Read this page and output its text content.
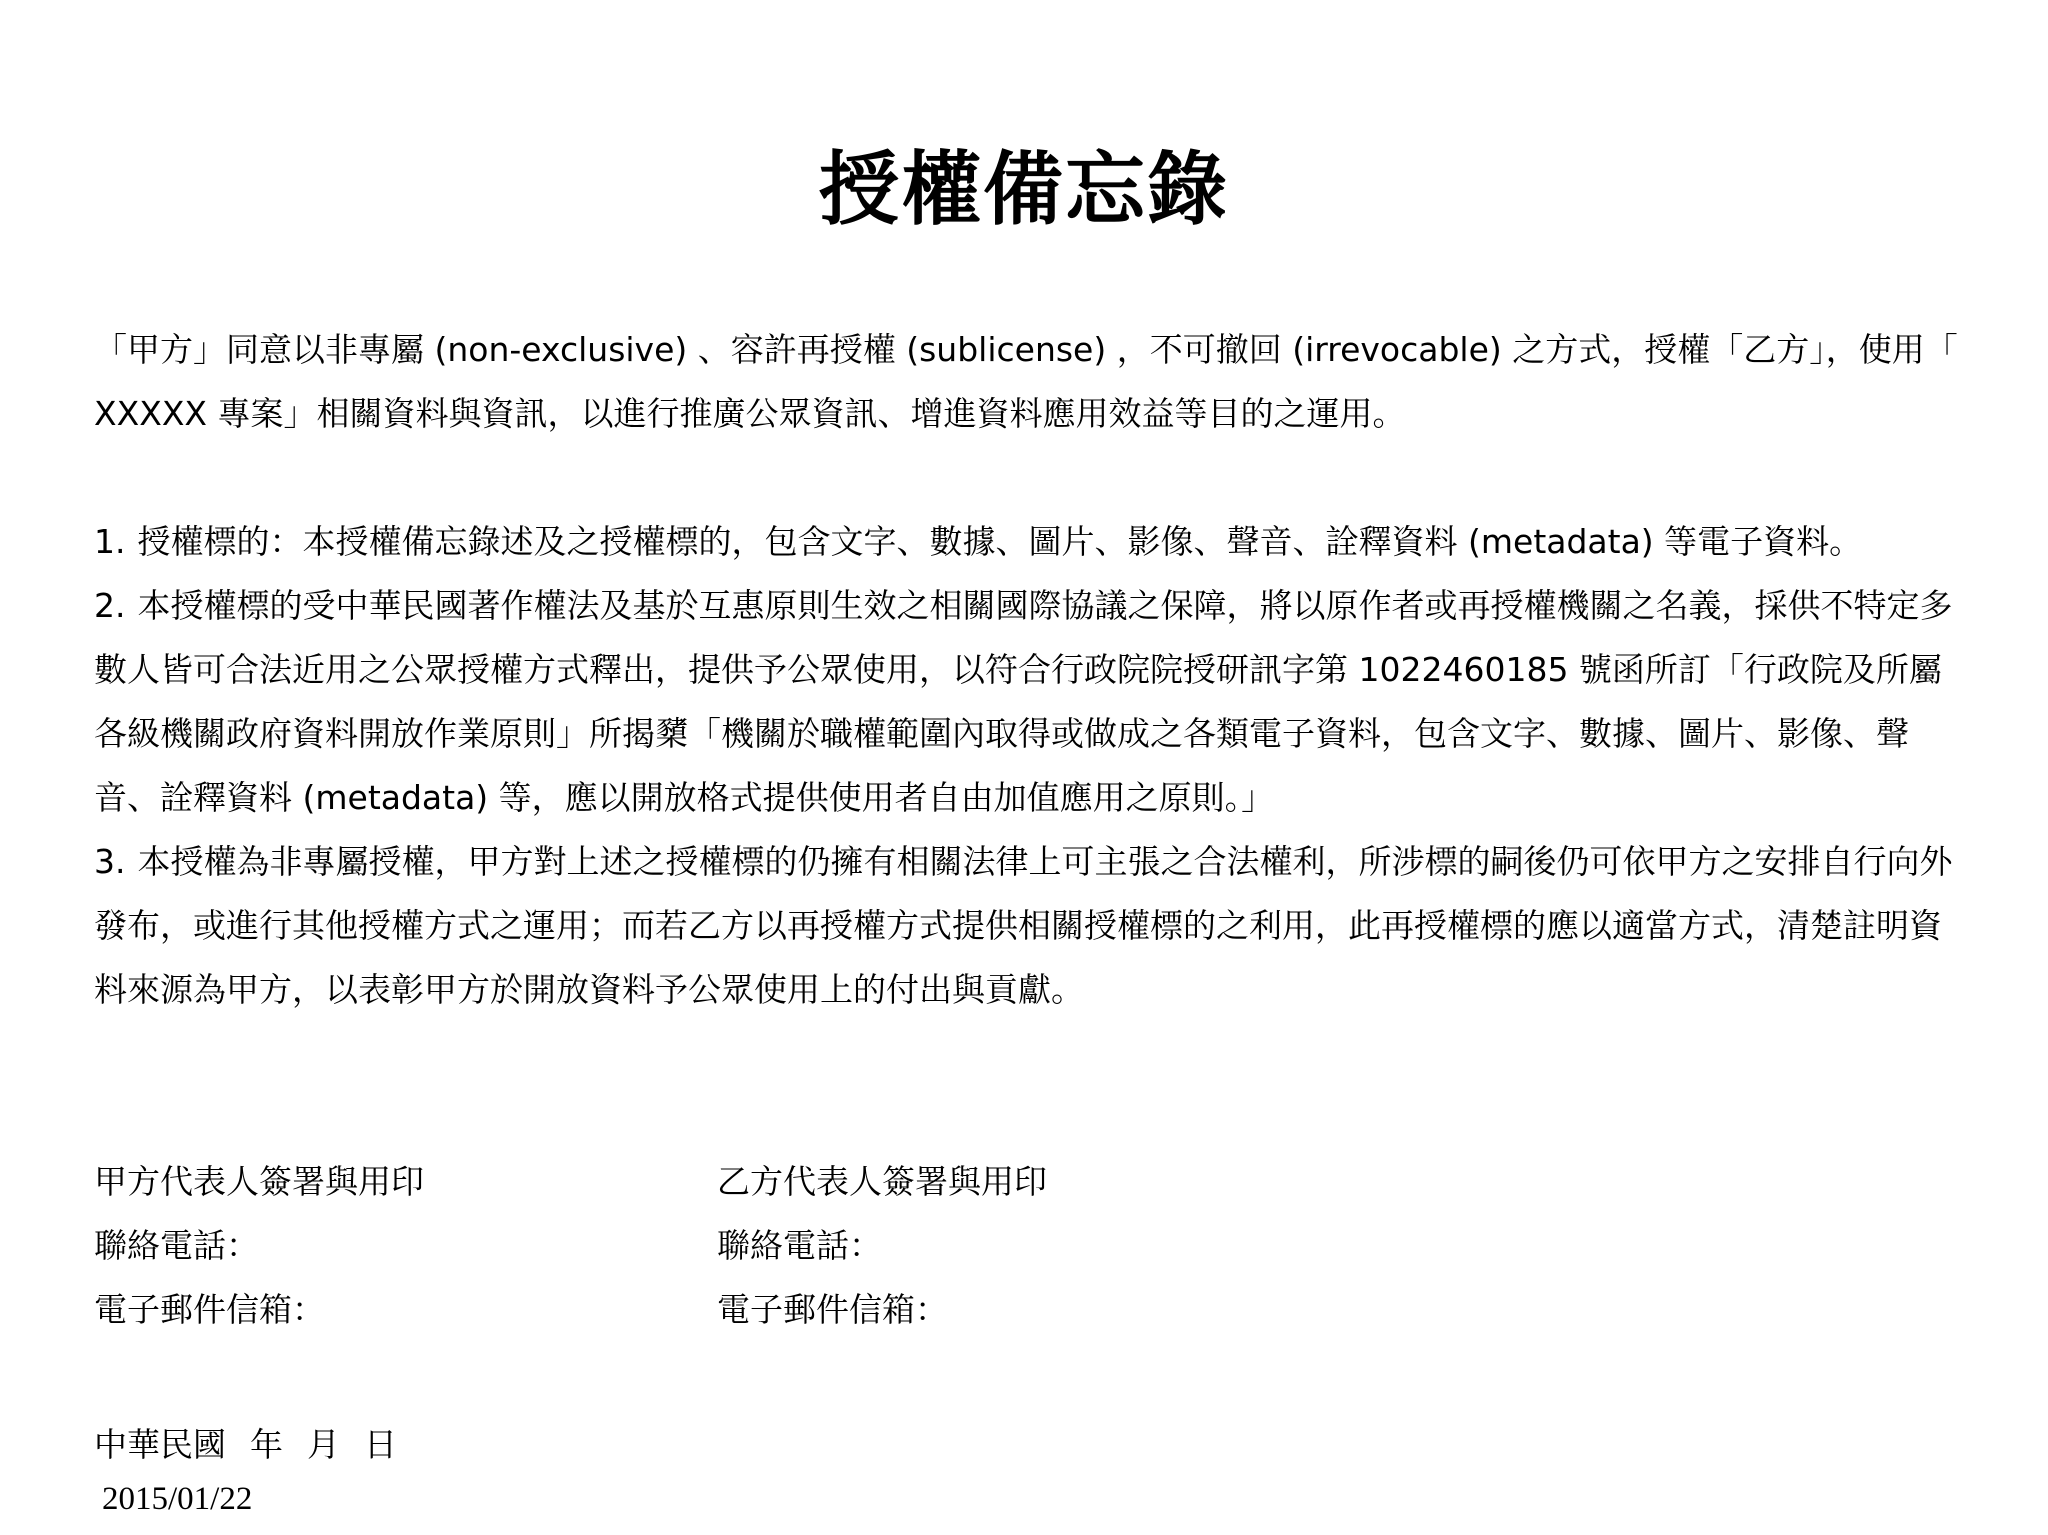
授權備忘錄

「甲方」同意以非專屬 (non-exclusive) 、容許再授權 (sublicense) ，不可撤回 (irrevocable) 之方式，授權「乙方」，使用「 XXXXX 專案」相關資料與資訊，以進行推廣公眾資訊、增進資料應用效益等目的之運用。

1. 授權標的：本授權備忘錄述及之授權標的，包含文字、數據、圖片、影像、聲音、詮釋資料 (metadata) 等電子資料。

2. 本授權標的受中華民國著作權法及基於互惠原則生效之相關國際協議之保障，將以原作者或再授權機關之名義，採供不特定多數人皆可合法近用之公眾授權方式釋出，提供予公眾使用，以符合行政院院授研訊字第 1022460185 號函所訂「行政院及所屬各級機關政府資料開放作業原則」所揭櫫「機關於職權範圍內取得或做成之各類電子資料，包含文字、數據、圖片、影像、聲音、詮釋資料 (metadata) 等，應以開放格式提供使用者自由加值應用之原則。」

3. 本授權為非專屬授權，甲方對上述之授權標的仍擁有相關法律上可主張之合法權利，所涉標的嗣後仍可依甲方之安排自行向外發布，或進行其他授權方式之運用；而若乙方以再授權方式提供相關授權標的之利用，此再授權標的應以適當方式，清楚註明資料來源為甲方，以表彰甲方於開放資料予公眾使用上的付出與貢獻。

甲方代表人簽署與用印
聯絡電話：
電子郵件信箱：
乙方代表人簽署與用印
聯絡電話：
電子郵件信箱：
中華民國 年 月 日
2015/01/22
